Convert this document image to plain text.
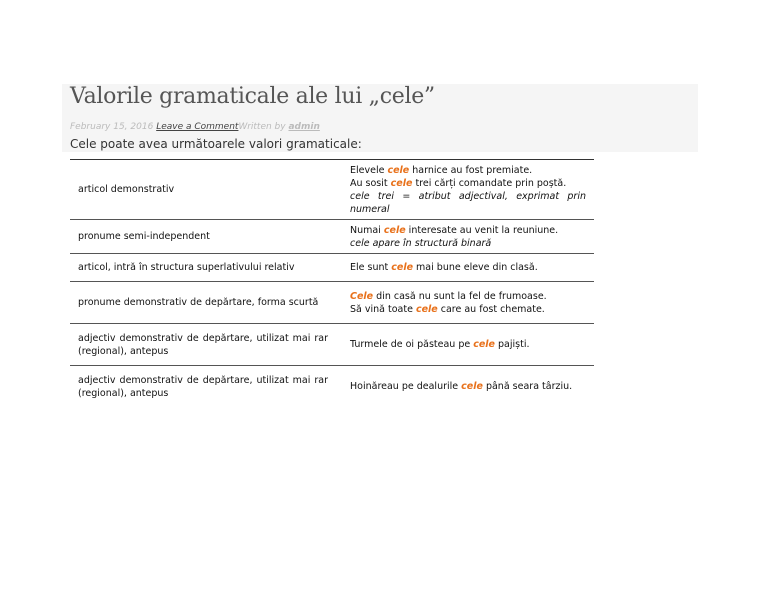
Valorile gramaticale ale lui „cele”
February 15, 2016 Leave a CommentWritten by admin
Cele poate avea următoarele valori gramaticale:
articol demonstrativ	Elevele cele harnice au fost premiate.
Au sosit cele trei cărți comandate prin poștă.
cele trei = atribut adjectival, exprimat prin numeral

pronume semi-independent	Numai cele interesate au venit la reuniune.
cele apare în structură binară

articol, intră în structura superlativului relativ	Ele sunt cele mai bune eleve din clasă.
pronume demonstrativ de depărtare, forma scurtă	Cele din casă nu sunt la fel de frumoase.
Să vină toate cele care au fost chemate.
adjectiv demonstrativ de depărtare, utilizat mai rar (regional), antepus	Turmele de oi păsteau pe cele pajiști.
adjectiv demonstrativ de depărtare, utilizat mai rar (regional), antepus	Hoinăreau pe dealurile cele până seara târziu.
